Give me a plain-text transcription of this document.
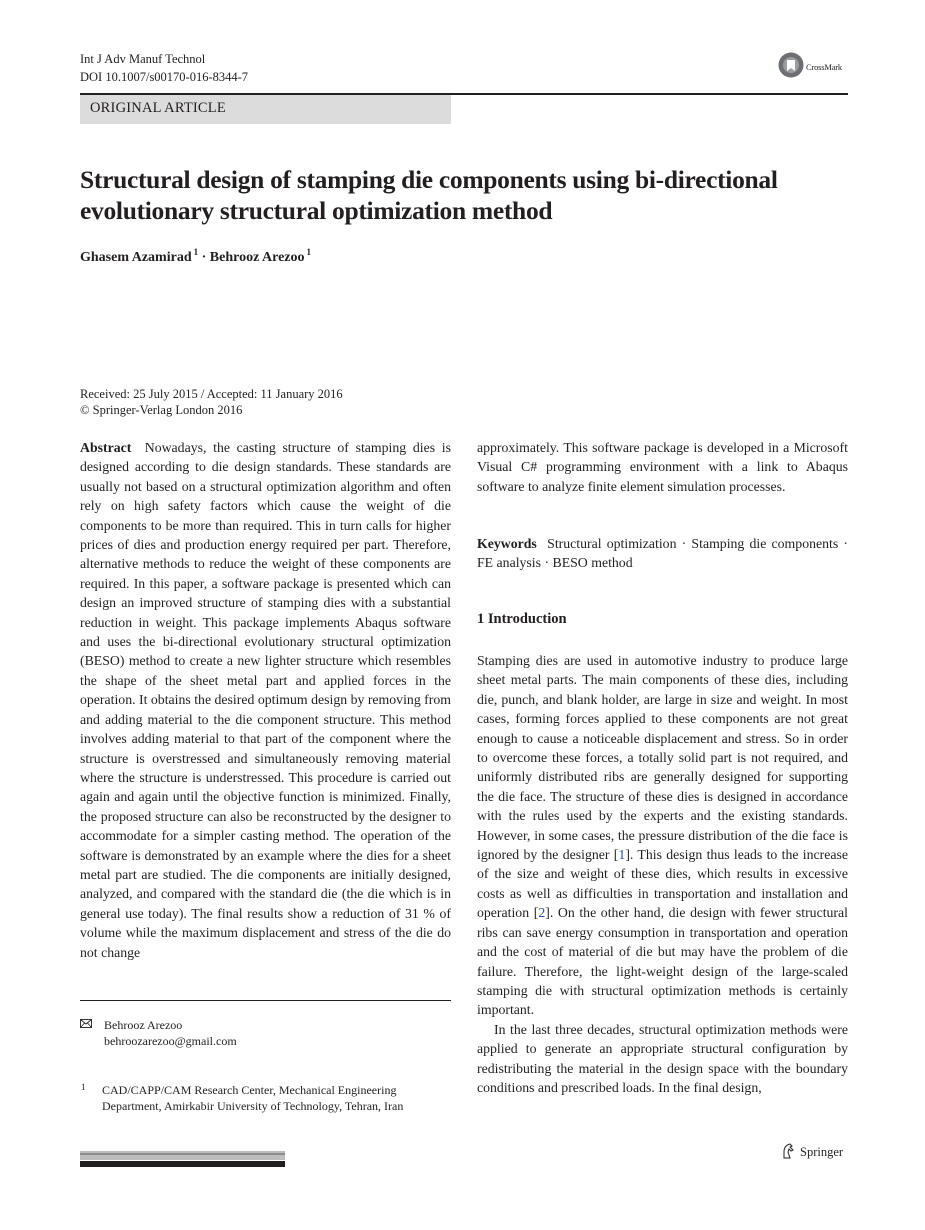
Int J Adv Manuf Technol
DOI 10.1007/s00170-016-8344-7
CrossMark
ORIGINAL ARTICLE
Structural design of stamping die components using bi-directional
evolutionary structural optimization method
Ghasem Azamirad $^1$ · Behrooz Arezoo $^1$
Received: 25 July 2015 / Accepted: 11 January 2016
© Springer-Verlag London 2016
Abstract Nowadays, the casting structure of stamping dies is designed according to die design standards. These standards are usually not based on a structural optimization algorithm and often rely on high safety factors which cause the weight of die components to be more than required. This in turn calls for higher prices of dies and production energy required per part. Therefore, alternative methods to reduce the weight of these components are required. In this paper, a software package is presented which can design an improved structure of stamping dies with a substantial reduction in weight. This package implements Abaqus software and uses the bi-directional evolutionary structural optimization (BESO) method to create a new lighter structure which resembles the shape of the sheet metal part and applied forces in the operation. It obtains the desired optimum design by removing from and adding material to the die component structure. This method involves adding material to that part of the component where the structure is overstressed and simultaneously removing material where the structure is understressed. This procedure is carried out again and again until the objective function is minimized. Finally, the proposed structure can also be reconstructed by the designer to accommodate for a simpler casting method. The operation of the software is demonstrated by an example where the dies for a sheet metal part are studied. The die components are initially designed, analyzed, and compared with the standard die (the die which is in general use today). The final results show a reduction of 31 % of volume while the maximum displacement and stress of the die do not change
approximately. This software package is developed in a Microsoft Visual C# programming environment with a link to Abaqus software to analyze finite element simulation processes.
Keywords Structural optimization · Stamping die components · FE analysis · BESO method
1 Introduction
Stamping dies are used in automotive industry to produce large sheet metal parts. The main components of these dies, including die, punch, and blank holder, are large in size and weight. In most cases, forming forces applied to these components are not great enough to cause a noticeable displacement and stress. So in order to overcome these forces, a totally solid part is not required, and uniformly distributed ribs are generally designed for supporting the die face. The structure of these dies is designed in accordance with the rules used by the experts and the existing standards. However, in some cases, the pressure distribution of the die face is ignored by the designer [1]. This design thus leads to the increase of the size and weight of these dies, which results in excessive costs as well as difficulties in transportation and installation and operation [2]. On the other hand, die design with fewer structural ribs can save energy consumption in transportation and operation and the cost of material of die but may have the problem of die failure. Therefore, the light-weight design of the large-scaled stamping die with structural optimization methods is certainly important.
In the last three decades, structural optimization methods were applied to generate an appropriate structural configuration by redistributing the material in the design space with the boundary conditions and prescribed loads. In the final design,
Behrooz Arezoo
behroozarezoo@gmail.com
1 CAD/CAPP/CAM Research Center, Mechanical Engineering
Department, Amirkabir University of Technology, Tehran, Iran
Springer
